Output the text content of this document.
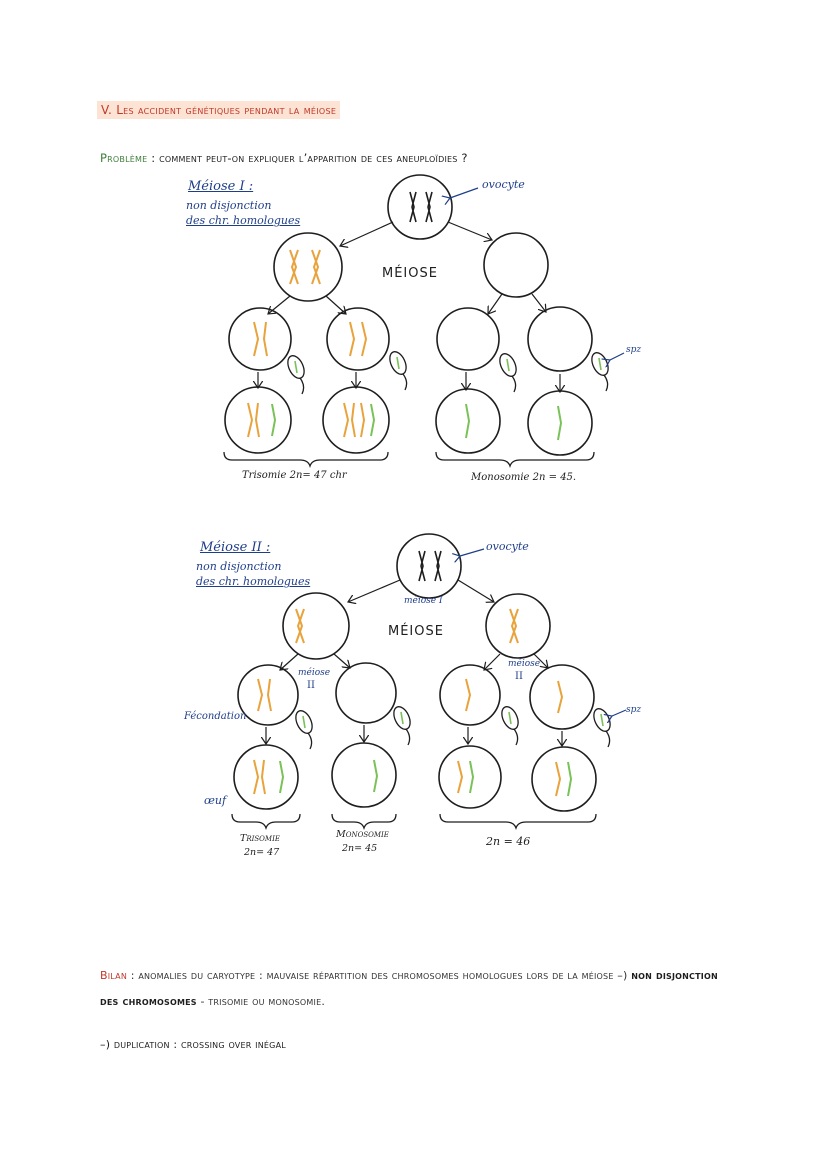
V. Les accident génétiques pendant la méiose
Problème : comment peut-on expliquer l’apparition de ces aneuploïdies ?
Méiose I :
non disjonction
des chr. homologues
ovocyte
MÉIOSE
spz
Trisomie 2n= 47 chr	Monosomie 2n = 45.
Méiose II :
non disjonction
des chr. homologues
ovocyte
méiose I
MÉIOSE
méiose
II
méiose
II
Fécondation
œuf
spz
Trisomie
2n= 47
Monosomie
2n= 45
2n = 46
Bilan : anomalies du caryotype : mauvaise répartition des chromosomes homologues lors de la méiose –) non disjonction des chromosomes - trisomie ou monosomie.
–) duplication : crossing over inégal
